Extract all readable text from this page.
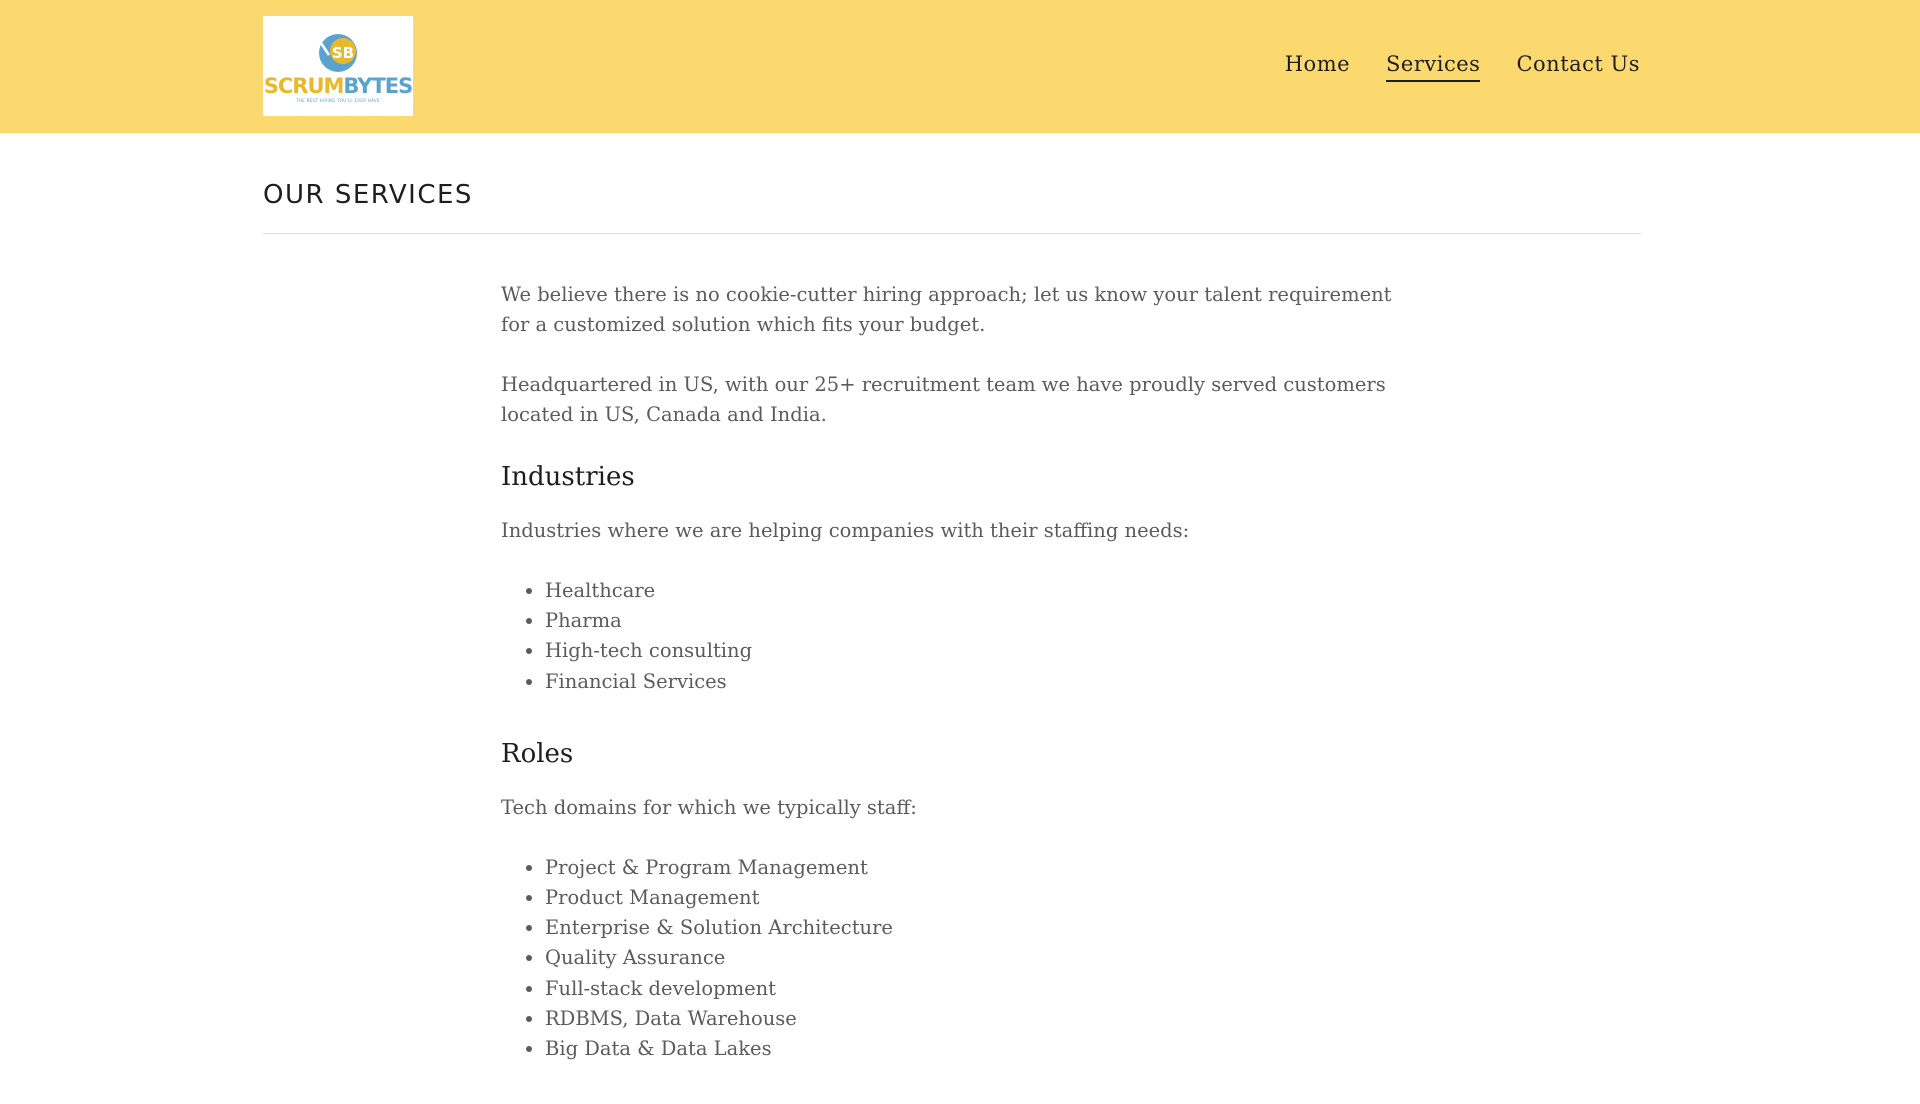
SB
SCRUMBYTES
THE BEST HIRING YOU'LL EVER HAVE
Home Services Contact Us
OUR SERVICES

We believe there is no cookie-cutter hiring approach; let us know your talent requirement for a customized solution which fits your budget.

Headquartered in US, with our 25+ recruitment team we have proudly served customers located in US, Canada and India.

Industries

Industries where we are helping companies with their staffing needs:

• Healthcare
• Pharma
• High-tech consulting
• Financial Services
Roles

Tech domains for which we typically staff:

• Project & Program Management
• Product Management
• Enterprise & Solution Architecture
• Quality Assurance
• Full-stack development
• RDBMS, Data Warehouse
• Big Data & Data Lakes
